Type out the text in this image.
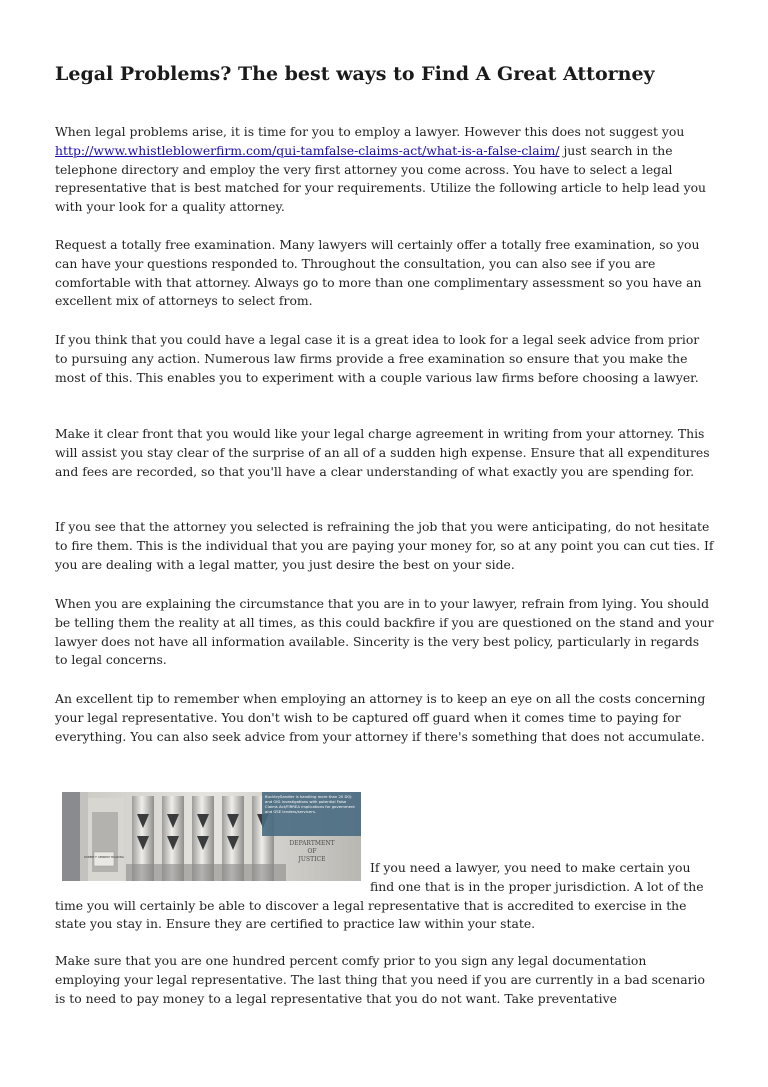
Legal Problems? The best ways to Find A Great Attorney

When legal problems arise, it is time for you to employ a lawyer. However this does not suggest you http://www.whistleblowerfirm.com/qui-tamfalse-claims-act/what-is-a-false-claim/ just search in the telephone directory and employ the very first attorney you come across. You have to select a legal representative that is best matched for your requirements. Utilize the following article to help lead you with your look for a quality attorney.

Request a totally free examination. Many lawyers will certainly offer a totally free examination, so you can have your questions responded to. Throughout the consultation, you can also see if you are comfortable with that attorney. Always go to more than one complimentary assessment so you have an excellent mix of attorneys to select from.

If you think that you could have a legal case it is a great idea to look for a legal seek advice from prior to pursuing any action. Numerous law firms provide a free examination so ensure that you make the most of this. This enables you to experiment with a couple various law firms before choosing a lawyer.

Make it clear front that you would like your legal charge agreement in writing from your attorney. This will assist you stay clear of the surprise of an all of a sudden high expense. Ensure that all expenditures and fees are recorded, so that you'll have a clear understanding of what exactly you are spending for.

If you see that the attorney you selected is refraining the job that you were anticipating, do not hesitate to fire them. This is the individual that you are paying your money for, so at any point you can cut ties. If you are dealing with a legal matter, you just desire the best on your side.

When you are explaining the circumstance that you are in to your lawyer, refrain from lying. You should be telling them the reality at all times, as this could backfire if you are questioned on the stand and your lawyer does not have all information available. Sincerity is the very best policy, particularly in regards to legal concerns.

An excellent tip to remember when employing an attorney is to keep an eye on all the costs concerning your legal representative. You don't wish to be captured off guard when it comes time to paying for everything. You can also seek advice from your attorney if there's something that does not accumulate.

ROBERT F. KENNEDY BUILDING
DEPARTMENT
OF
JUSTICE
BuckleySandler is handling more than 20 DOJ and OIG investigations with potential False Claims Act/FIRREA implications for government and GSE lenders/servicers.

If you need a lawyer, you need to make certain you find one that is in the proper jurisdiction. A lot of the time you will certainly be able to discover a legal representative that is accredited to exercise in the state you stay in. Ensure they are certified to practice law within your state.

Make sure that you are one hundred percent comfy prior to you sign any legal documentation employing your legal representative. The last thing that you need if you are currently in a bad scenario is to need to pay money to a legal representative that you do not want. Take preventative
